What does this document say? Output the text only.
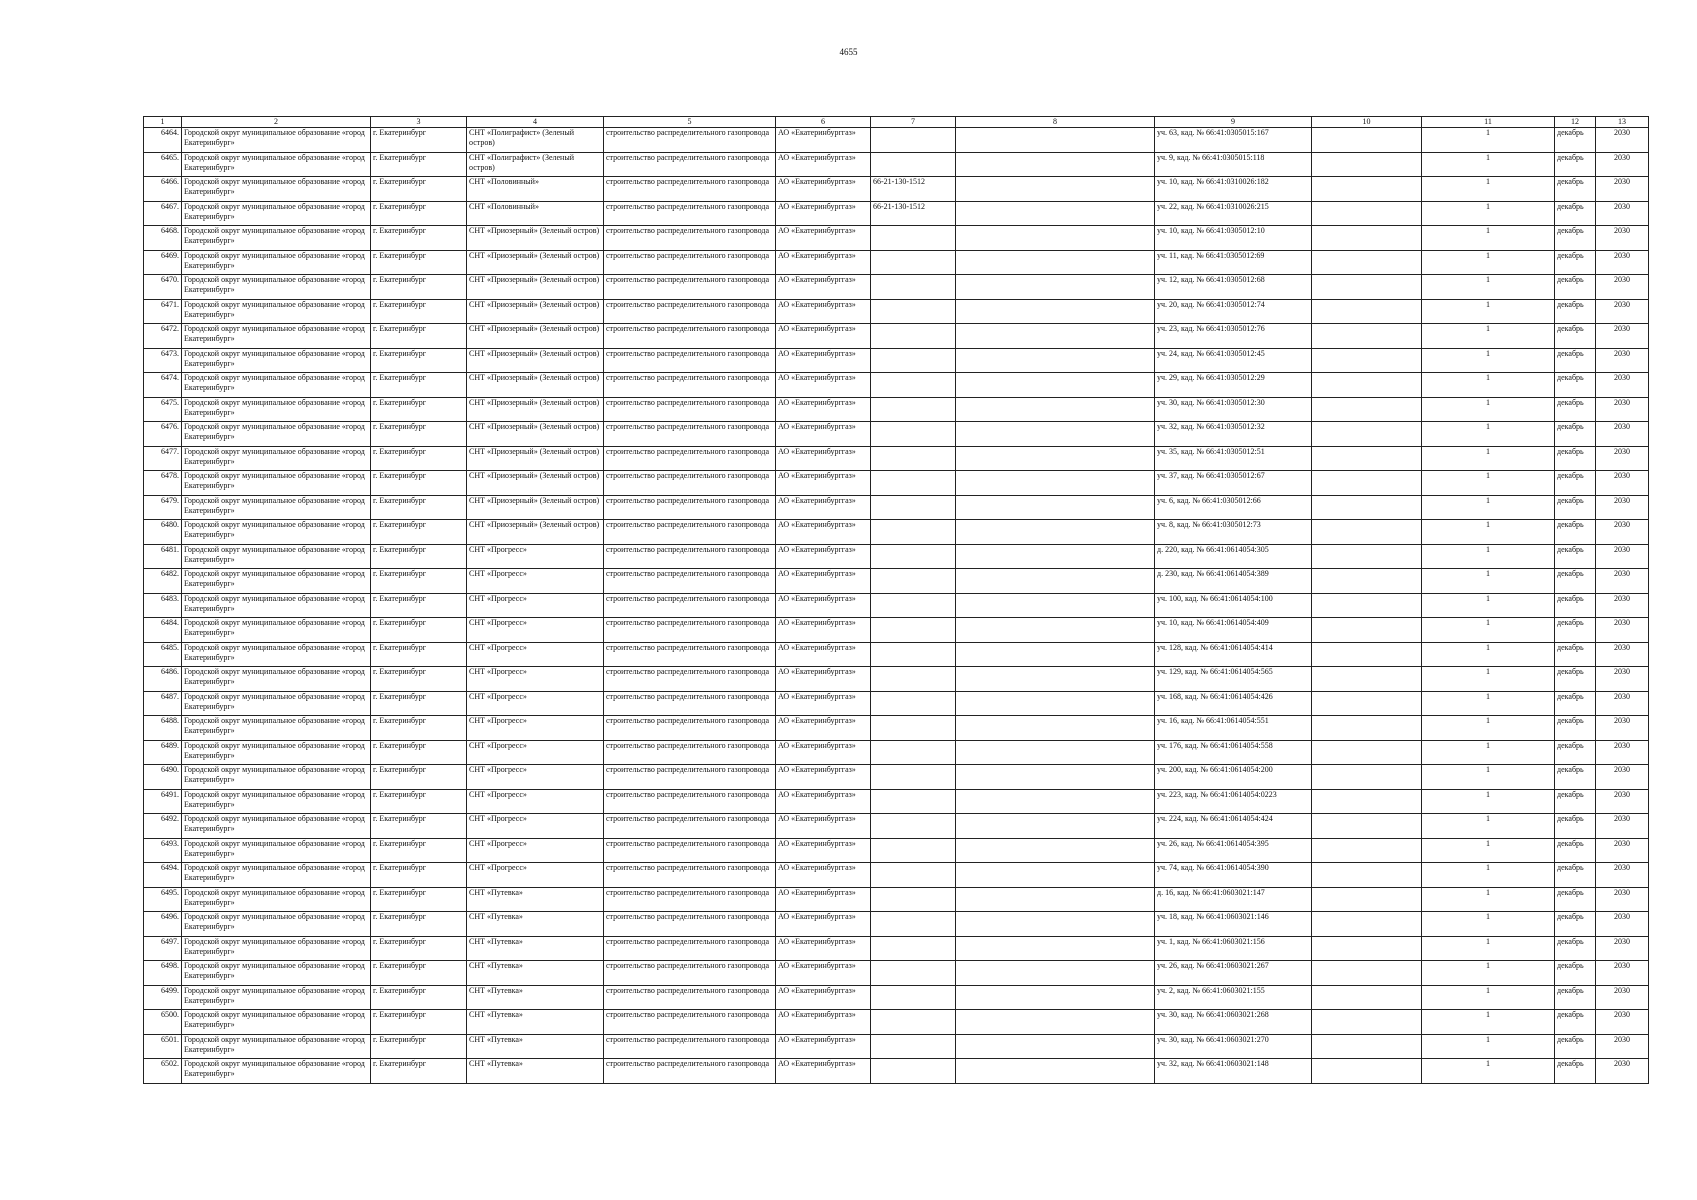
4655
1	2	3	4	5	6	7	8	9	10	11	12	13
6464.	Городской округ муниципальное образование «город Екатеринбург»	г. Екатеринбург	СНТ «Полиграфист» (Зеленый остров)	строительство распределительного газопровода	АО «Екатеринбурггаз»			уч. 63, кад. № 66:41:0305015:167		1	декабрь	2030
6465.	Городской округ муниципальное образование «город Екатеринбург»	г. Екатеринбург	СНТ «Полиграфист» (Зеленый остров)	строительство распределительного газопровода	АО «Екатеринбурггаз»			уч. 9, кад. № 66:41:0305015:118		1	декабрь	2030
6466.	Городской округ муниципальное образование «город Екатеринбург»	г. Екатеринбург	СНТ «Половинный»	строительство распределительного газопровода	АО «Екатеринбурггаз»	66-21-130-1512		уч. 10, кад. № 66:41:0310026:182		1	декабрь	2030
6467.	Городской округ муниципальное образование «город Екатеринбург»	г. Екатеринбург	СНТ «Половинный»	строительство распределительного газопровода	АО «Екатеринбурггаз»	66-21-130-1512		уч. 22, кад. № 66:41:0310026:215		1	декабрь	2030
6468.	Городской округ муниципальное образование «город Екатеринбург»	г. Екатеринбург	СНТ «Приозерный» (Зеленый остров)	строительство распределительного газопровода	АО «Екатеринбурггаз»			уч. 10, кад. № 66:41:0305012:10		1	декабрь	2030
6469.	Городской округ муниципальное образование «город Екатеринбург»	г. Екатеринбург	СНТ «Приозерный» (Зеленый остров)	строительство распределительного газопровода	АО «Екатеринбурггаз»			уч. 11, кад. № 66:41:0305012:69		1	декабрь	2030
6470.	Городской округ муниципальное образование «город Екатеринбург»	г. Екатеринбург	СНТ «Приозерный» (Зеленый остров)	строительство распределительного газопровода	АО «Екатеринбурггаз»			уч. 12, кад. № 66:41:0305012:68		1	декабрь	2030
6471.	Городской округ муниципальное образование «город Екатеринбург»	г. Екатеринбург	СНТ «Приозерный» (Зеленый остров)	строительство распределительного газопровода	АО «Екатеринбурггаз»			уч. 20, кад. № 66:41:0305012:74		1	декабрь	2030
6472.	Городской округ муниципальное образование «город Екатеринбург»	г. Екатеринбург	СНТ «Приозерный» (Зеленый остров)	строительство распределительного газопровода	АО «Екатеринбурггаз»			уч. 23, кад. № 66:41:0305012:76		1	декабрь	2030
6473.	Городской округ муниципальное образование «город Екатеринбург»	г. Екатеринбург	СНТ «Приозерный» (Зеленый остров)	строительство распределительного газопровода	АО «Екатеринбурггаз»			уч. 24, кад. № 66:41:0305012:45		1	декабрь	2030
6474.	Городской округ муниципальное образование «город Екатеринбург»	г. Екатеринбург	СНТ «Приозерный» (Зеленый остров)	строительство распределительного газопровода	АО «Екатеринбурггаз»			уч. 29, кад. № 66:41:0305012:29		1	декабрь	2030
6475.	Городской округ муниципальное образование «город Екатеринбург»	г. Екатеринбург	СНТ «Приозерный» (Зеленый остров)	строительство распределительного газопровода	АО «Екатеринбурггаз»			уч. 30, кад. № 66:41:0305012:30		1	декабрь	2030
6476.	Городской округ муниципальное образование «город Екатеринбург»	г. Екатеринбург	СНТ «Приозерный» (Зеленый остров)	строительство распределительного газопровода	АО «Екатеринбурггаз»			уч. 32, кад. № 66:41:0305012:32		1	декабрь	2030
6477.	Городской округ муниципальное образование «город Екатеринбург»	г. Екатеринбург	СНТ «Приозерный» (Зеленый остров)	строительство распределительного газопровода	АО «Екатеринбурггаз»			уч. 35, кад. № 66:41:0305012:51		1	декабрь	2030
6478.	Городской округ муниципальное образование «город Екатеринбург»	г. Екатеринбург	СНТ «Приозерный» (Зеленый остров)	строительство распределительного газопровода	АО «Екатеринбурггаз»			уч. 37, кад. № 66:41:0305012:67		1	декабрь	2030
6479.	Городской округ муниципальное образование «город Екатеринбург»	г. Екатеринбург	СНТ «Приозерный» (Зеленый остров)	строительство распределительного газопровода	АО «Екатеринбурггаз»			уч. 6, кад. № 66:41:0305012:66		1	декабрь	2030
6480.	Городской округ муниципальное образование «город Екатеринбург»	г. Екатеринбург	СНТ «Приозерный» (Зеленый остров)	строительство распределительного газопровода	АО «Екатеринбурггаз»			уч. 8, кад. № 66:41:0305012:73		1	декабрь	2030
6481.	Городской округ муниципальное образование «город Екатеринбург»	г. Екатеринбург	СНТ «Прогресс»	строительство распределительного газопровода	АО «Екатеринбурггаз»			д. 220, кад. № 66:41:0614054:305		1	декабрь	2030
6482.	Городской округ муниципальное образование «город Екатеринбург»	г. Екатеринбург	СНТ «Прогресс»	строительство распределительного газопровода	АО «Екатеринбурггаз»			д. 230, кад. № 66:41:0614054:389		1	декабрь	2030
6483.	Городской округ муниципальное образование «город Екатеринбург»	г. Екатеринбург	СНТ «Прогресс»	строительство распределительного газопровода	АО «Екатеринбурггаз»			уч. 100, кад. № 66:41:0614054:100		1	декабрь	2030
6484.	Городской округ муниципальное образование «город Екатеринбург»	г. Екатеринбург	СНТ «Прогресс»	строительство распределительного газопровода	АО «Екатеринбурггаз»			уч. 10, кад. № 66:41:0614054:409		1	декабрь	2030
6485.	Городской округ муниципальное образование «город Екатеринбург»	г. Екатеринбург	СНТ «Прогресс»	строительство распределительного газопровода	АО «Екатеринбурггаз»			уч. 128, кад. № 66:41:0614054:414		1	декабрь	2030
6486.	Городской округ муниципальное образование «город Екатеринбург»	г. Екатеринбург	СНТ «Прогресс»	строительство распределительного газопровода	АО «Екатеринбурггаз»			уч. 129, кад. № 66:41:0614054:565		1	декабрь	2030
6487.	Городской округ муниципальное образование «город Екатеринбург»	г. Екатеринбург	СНТ «Прогресс»	строительство распределительного газопровода	АО «Екатеринбурггаз»			уч. 168, кад. № 66:41:0614054:426		1	декабрь	2030
6488.	Городской округ муниципальное образование «город Екатеринбург»	г. Екатеринбург	СНТ «Прогресс»	строительство распределительного газопровода	АО «Екатеринбурггаз»			уч. 16, кад. № 66:41:0614054:551		1	декабрь	2030
6489.	Городской округ муниципальное образование «город Екатеринбург»	г. Екатеринбург	СНТ «Прогресс»	строительство распределительного газопровода	АО «Екатеринбурггаз»			уч. 176, кад. № 66:41:0614054:558		1	декабрь	2030
6490.	Городской округ муниципальное образование «город Екатеринбург»	г. Екатеринбург	СНТ «Прогресс»	строительство распределительного газопровода	АО «Екатеринбурггаз»			уч. 200, кад. № 66:41:0614054:200		1	декабрь	2030
6491.	Городской округ муниципальное образование «город Екатеринбург»	г. Екатеринбург	СНТ «Прогресс»	строительство распределительного газопровода	АО «Екатеринбурггаз»			уч. 223, кад. № 66:41:0614054:0223		1	декабрь	2030
6492.	Городской округ муниципальное образование «город Екатеринбург»	г. Екатеринбург	СНТ «Прогресс»	строительство распределительного газопровода	АО «Екатеринбурггаз»			уч. 224, кад. № 66:41:0614054:424		1	декабрь	2030
6493.	Городской округ муниципальное образование «город Екатеринбург»	г. Екатеринбург	СНТ «Прогресс»	строительство распределительного газопровода	АО «Екатеринбурггаз»			уч. 26, кад. № 66:41:0614054:395		1	декабрь	2030
6494.	Городской округ муниципальное образование «город Екатеринбург»	г. Екатеринбург	СНТ «Прогресс»	строительство распределительного газопровода	АО «Екатеринбурггаз»			уч. 74, кад. № 66:41:0614054:390		1	декабрь	2030
6495.	Городской округ муниципальное образование «город Екатеринбург»	г. Екатеринбург	СНТ «Путевка»	строительство распределительного газопровода	АО «Екатеринбурггаз»			д. 16, кад. № 66:41:0603021:147		1	декабрь	2030
6496.	Городской округ муниципальное образование «город Екатеринбург»	г. Екатеринбург	СНТ «Путевка»	строительство распределительного газопровода	АО «Екатеринбурггаз»			уч. 18, кад. № 66:41:0603021:146		1	декабрь	2030
6497.	Городской округ муниципальное образование «город Екатеринбург»	г. Екатеринбург	СНТ «Путевка»	строительство распределительного газопровода	АО «Екатеринбурггаз»			уч. 1, кад. № 66:41:0603021:156		1	декабрь	2030
6498.	Городской округ муниципальное образование «город Екатеринбург»	г. Екатеринбург	СНТ «Путевка»	строительство распределительного газопровода	АО «Екатеринбурггаз»			уч. 26, кад. № 66:41:0603021:267		1	декабрь	2030
6499.	Городской округ муниципальное образование «город Екатеринбург»	г. Екатеринбург	СНТ «Путевка»	строительство распределительного газопровода	АО «Екатеринбурггаз»			уч. 2, кад. № 66:41:0603021:155		1	декабрь	2030
6500.	Городской округ муниципальное образование «город Екатеринбург»	г. Екатеринбург	СНТ «Путевка»	строительство распределительного газопровода	АО «Екатеринбурггаз»			уч. 30, кад. № 66:41:0603021:268		1	декабрь	2030
6501.	Городской округ муниципальное образование «город Екатеринбург»	г. Екатеринбург	СНТ «Путевка»	строительство распределительного газопровода	АО «Екатеринбурггаз»			уч. 30, кад. № 66:41:0603021:270		1	декабрь	2030
6502.	Городской округ муниципальное образование «город Екатеринбург»	г. Екатеринбург	СНТ «Путевка»	строительство распределительного газопровода	АО «Екатеринбурггаз»			уч. 32, кад. № 66:41:0603021:148		1	декабрь	2030
